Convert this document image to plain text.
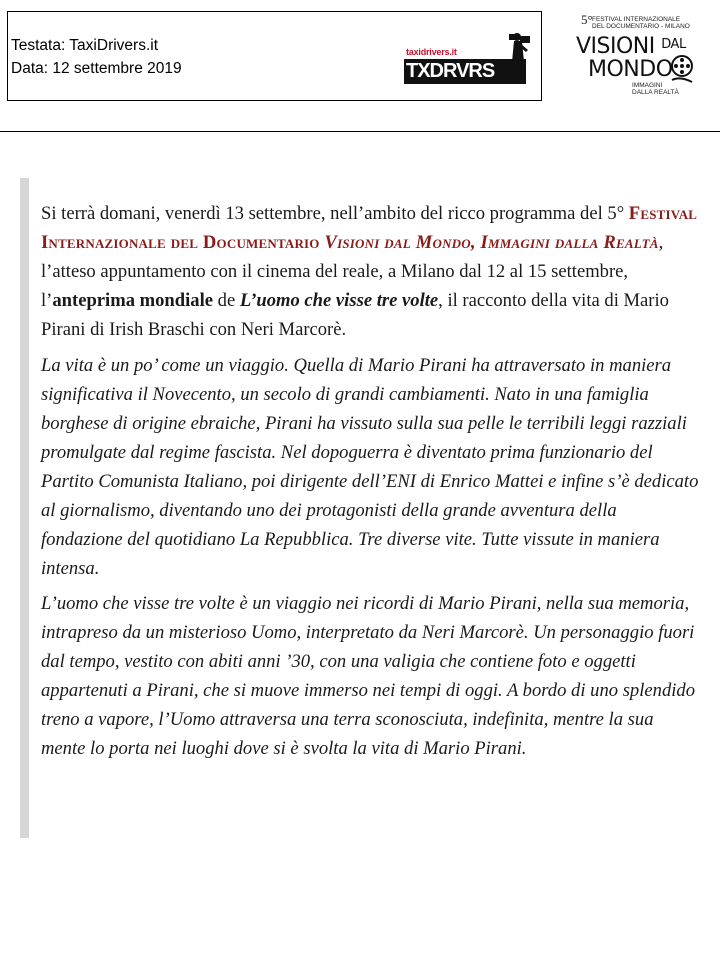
Testata: TaxiDrivers.it
Data: 12 settembre 2019
taxidrivers.it
TXDRVRS
5° FESTIVAL INTERNAZIONALE
DEL DOCUMENTARIO - MILANO
VISIONI $^{DAL}$
MONDO
IMMAGINI
DALLA REALTÀ

Si terrà domani, venerdì 13 settembre, nell’ambito del ricco programma del 5° Festival Internazionale del Documentario Visioni dal Mondo, Immagini dalla Realtà, l’atteso appuntamento con il cinema del reale, a Milano dal 12 al 15 settembre, l’anteprima mondiale de L’uomo che visse tre volte, il racconto della vita di Mario Pirani di Irish Braschi con Neri Marcorè.

La vita è un po’ come un viaggio. Quella di Mario Pirani ha attraversato in maniera significativa il Novecento, un secolo di grandi cambiamenti. Nato in una famiglia borghese di origine ebraiche, Pirani ha vissuto sulla sua pelle le terribili leggi razziali promulgate dal regime fascista. Nel dopoguerra è diventato prima funzionario del Partito Comunista Italiano, poi dirigente dell’ENI di Enrico Mattei e infine s’è dedicato al giornalismo, diventando uno dei protagonisti della grande avventura della fondazione del quotidiano La Repubblica. Tre diverse vite. Tutte vissute in maniera intensa.

L’uomo che visse tre volte è un viaggio nei ricordi di Mario Pirani, nella sua memoria, intrapreso da un misterioso Uomo, interpretato da Neri Marcorè. Un personaggio fuori dal tempo, vestito con abiti anni ’30, con una valigia che contiene foto e oggetti appartenuti a Pirani, che si muove immerso nei tempi di oggi. A bordo di uno splendido treno a vapore, l’Uomo attraversa una terra sconosciuta, indefinita, mentre la sua mente lo porta nei luoghi dove si è svolta la vita di Mario Pirani.
